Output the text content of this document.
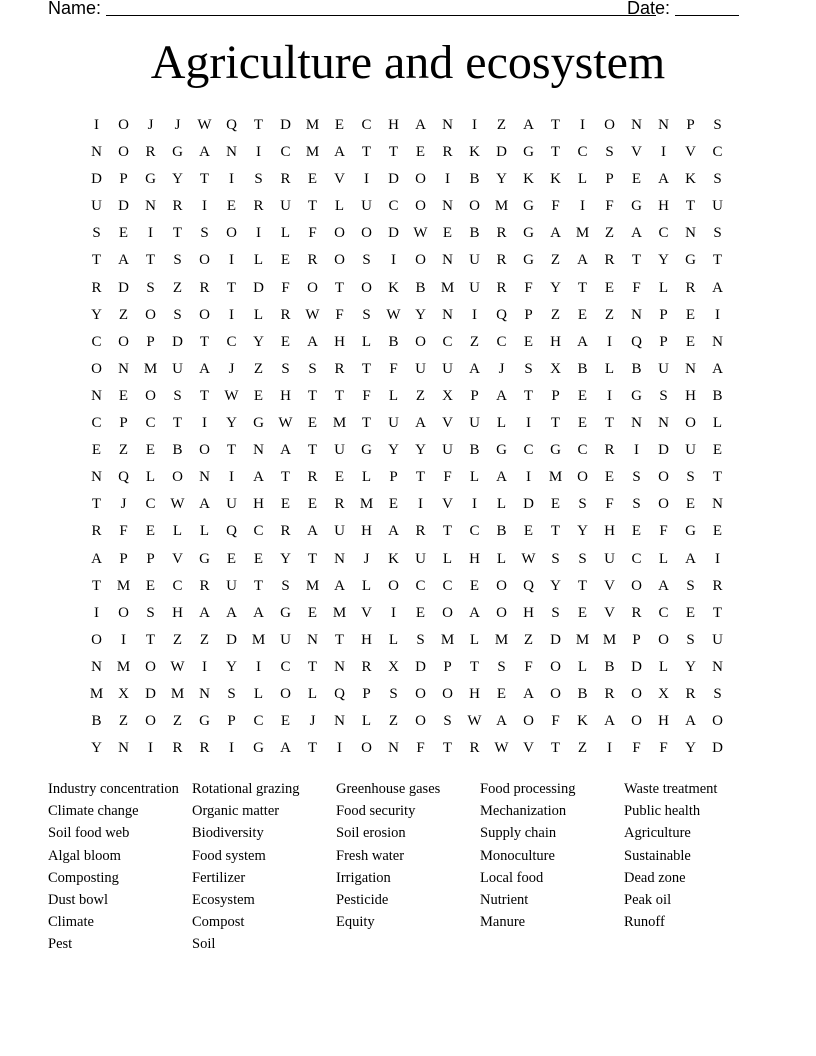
Name:	Date:
Agriculture and ecosystem
I	O	J	J	W Q	T	D M	E	C	H	A	N	I	Z	A	T	I	O	N	N	P	S
N	O	R	G	A	N	I	C	M A	T	T	E	R	K	D	G	T	C	S	V	I	V	C
D	P	G	Y	T	I	S	R	E	V	I	D	O	I	B	Y	K	K	L	P	E	A	K	S
U	D	N	R	I	E	R	U	T	L	U	C	O	N	O M G	F	I	F	G	H	T	U
S	E	I	T	S	O	I	L	F	O	O	D W	E	B	R	G	A M	Z	A	C	N	S
T	A	T	S	O	I	L	E	R	O	S	I	O	N	U	R	G	Z	A	R	T	Y	G	T
R	D	S	Z	R	T	D	F	O	T	O	K	B	M U	R	F	Y	T	E	F	L	R	A
Y	Z	O	S	O	I	L	R W	F	S	W Y	N	I	Q	P	Z	E	Z	N	P	E	I
C	O	P	D	T	C	Y	E	A	H	L	B	O	C	Z	C	E	H	A	I	Q	P	E	N
O	N M U	A	J	Z	S	S	R	T	F	U	U	A	J	S	X	B	L	B	U	N	A
N	E	O	S	T	W	E	H	T	T	F	L	Z	X	P	A	T	P	E	I	G	S	H	B
C	P	C	T	I	Y	G W	E	M	T	U	A	V	U	L	I	T	E	T	N	N	O	L
E	Z	E	B	O	T	N	A	T	U	G	Y	Y	U	B	G	C	G	C	R	I	D	U	E
N	Q	L	O	N	I	A	T	R	E	L	P	T	F	L	A	I	M O	E	S	O	S	T
T	J	C W A	U	H	E	E	R	M	E	I	V	I	L	D	E	S	F	S	O	E	N
R	F	E	L	L	Q	C	R	A	U	H	A	R	T	C	B	E	T	Y	H	E	F	G	E
A	P	P	V	G	E	E	Y	T	N	J	K	U	L	H	L	W	S	S	U	C	L	A	I
T	M	E	C	R	U	T	S	M A	L	O	C	C	E	O	Q	Y	T	V	O	A	S	R
I	O	S	H	A	A	A	G	E	M V	I	E	O	A	O	H	S	E	V	R	C	E	T
O	I	T	Z	Z	D M U	N	T	H	L	S	M	L	M	Z	D M M	P	O	S	U
N M O W	I	Y	I	C	T	N	R	X	D	P	T	S	F	O	L	B	D	L	Y	N
M X	D M N	S	L	O	L	Q	P	S	O	O	H	E	A	O	B	R	O	X	R	S
B	Z	O	Z	G	P	C	E	J	N	L	Z	O	S	W A	O	F	K	A	O	H	A	O
Y	N	I	R	R	I	G	A	T	I	O	N	F	T	R W V	T	Z	I	F	F	Y	D
Industry concentration
Climate change
Soil food web
Algal bloom
Composting
Dust bowl
Climate
Pest
Rotational grazing
Organic matter
Biodiversity
Food system
Fertilizer
Ecosystem
Compost
Soil
Greenhouse gases
Food security
Soil erosion
Fresh water
Irrigation
Pesticide
Equity
Food processing
Mechanization
Supply chain
Monoculture
Local food
Nutrient
Manure
Waste treatment
Public health
Agriculture
Sustainable
Dead zone
Peak oil
Runoff
